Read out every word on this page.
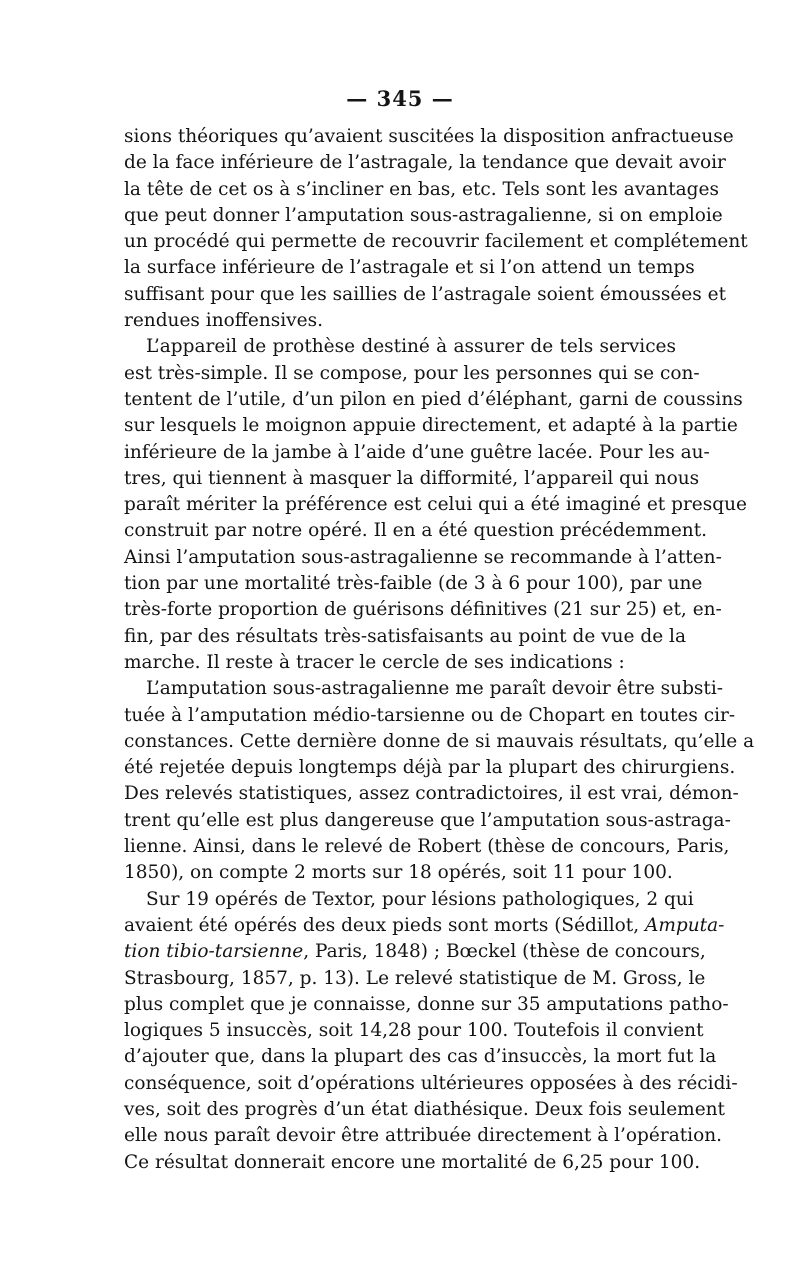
— 345 —
sions théoriques qu’avaient suscitées la disposition anfractueuse
de la face inférieure de l’astragale, la tendance que devait avoir
la tête de cet os à s’incliner en bas, etc. Tels sont les avantages
que peut donner l’amputation sous-astragalienne, si on emploie
un procédé qui permette de recouvrir facilement et complétement
la surface inférieure de l’astragale et si l’on attend un temps
suffisant pour que les saillies de l’astragale soient émoussées et
rendues inoffensives.
L’appareil de prothèse destiné à assurer de tels services
est très-simple. Il se compose, pour les personnes qui se con-
tentent de l’utile, d’un pilon en pied d’éléphant, garni de coussins
sur lesquels le moignon appuie directement, et adapté à la partie
inférieure de la jambe à l’aide d’une guêtre lacée. Pour les au-
tres, qui tiennent à masquer la difformité, l’appareil qui nous
paraît mériter la préférence est celui qui a été imaginé et presque
construit par notre opéré. Il en a été question précédemment.
Ainsi l’amputation sous-astragalienne se recommande à l’atten-
tion par une mortalité très-faible (de 3 à 6 pour 100), par une
très-forte proportion de guérisons définitives (21 sur 25) et, en-
fin, par des résultats très-satisfaisants au point de vue de la
marche. Il reste à tracer le cercle de ses indications :
L’amputation sous-astragalienne me paraît devoir être substi-
tuée à l’amputation médio-tarsienne ou de Chopart en toutes cir-
constances. Cette dernière donne de si mauvais résultats, qu’elle a
été rejetée depuis longtemps déjà par la plupart des chirurgiens.
Des relevés statistiques, assez contradictoires, il est vrai, démon-
trent qu’elle est plus dangereuse que l’amputation sous-astraga-
lienne. Ainsi, dans le relevé de Robert (thèse de concours, Paris,
1850), on compte 2 morts sur 18 opérés, soit 11 pour 100.
Sur 19 opérés de Textor, pour lésions pathologiques, 2 qui
avaient été opérés des deux pieds sont morts (Sédillot, Amputa-
tion tibio-tarsienne, Paris, 1848) ; Bœckel (thèse de concours,
Strasbourg, 1857, p. 13). Le relevé statistique de M. Gross, le
plus complet que je connaisse, donne sur 35 amputations patho-
logiques 5 insuccès, soit 14,28 pour 100. Toutefois il convient
d’ajouter que, dans la plupart des cas d’insuccès, la mort fut la
conséquence, soit d’opérations ultérieures opposées à des récidi-
ves, soit des progrès d’un état diathésique. Deux fois seulement
elle nous paraît devoir être attribuée directement à l’opération.
Ce résultat donnerait encore une mortalité de 6,25 pour 100.
